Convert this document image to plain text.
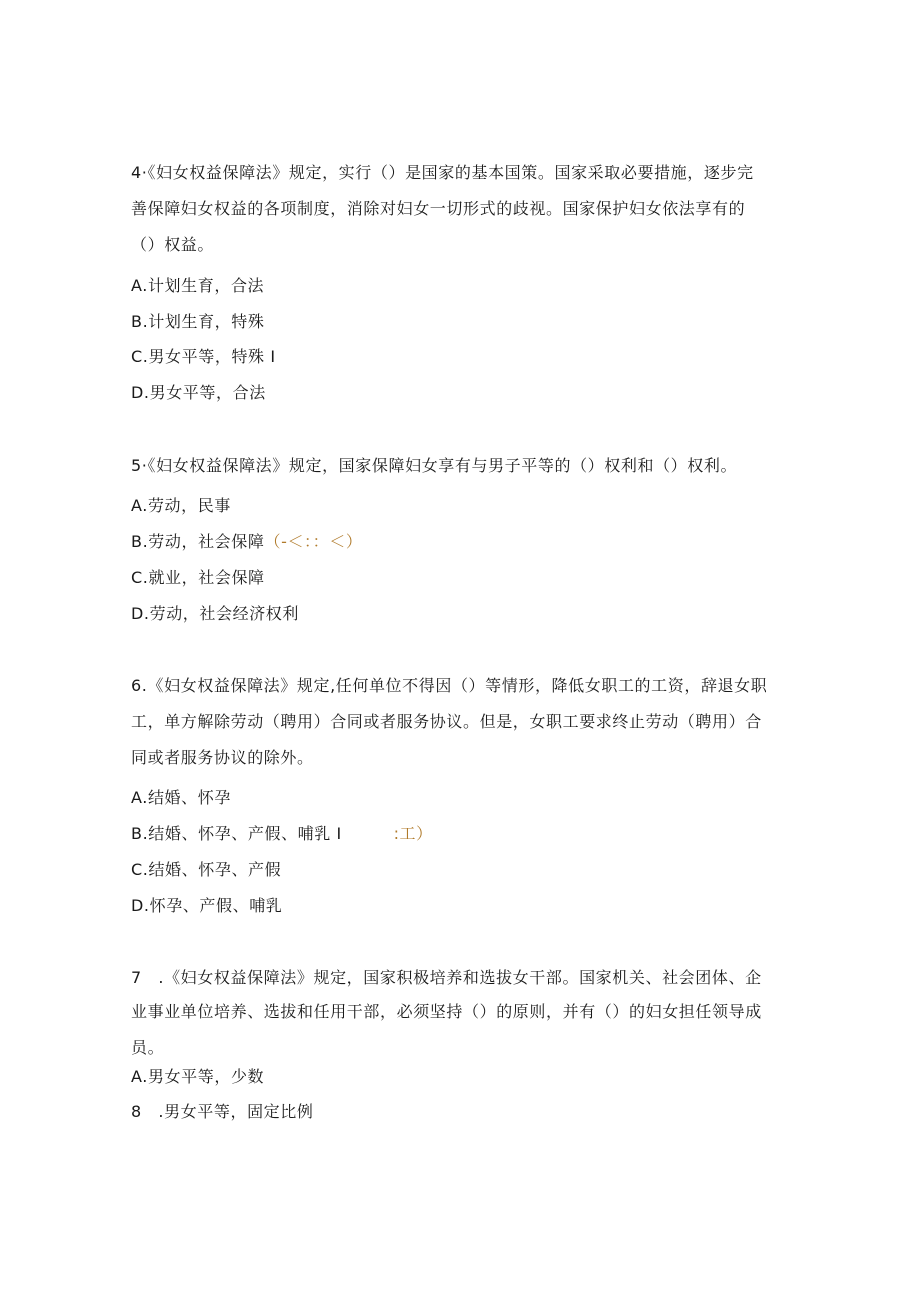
4·《妇女权益保障法》规定，实行（）是国家的基本国策。国家采取必要措施，逐步完
善保障妇女权益的各项制度，消除对妇女一切形式的歧视。国家保护妇女依法享有的
（）权益。
A.计划生育，合法
B.计划生育，特殊
C.男女平等，特殊 I
D.男女平等，合法
5·《妇女权益保障法》规定，国家保障妇女享有与男子平等的（）权利和（）权利。
A.劳动，民事
B.劳动，社会保障（-＜：：＜）
C.就业，社会保障
D.劳动，社会经济权利
6.《妇女权益保障法》规定,任何单位不得因（）等情形，降低女职工的工资，辞退女职
工，单方解除劳动（聘用）合同或者服务协议。但是，女职工要求终止劳动（聘用）合
同或者服务协议的除外。
A.结婚、怀孕
B.结婚、怀孕、产假、哺乳 I	:工）
C.结婚、怀孕、产假
D.怀孕、产假、哺乳
7　.《妇女权益保障法》规定，国家积极培养和选拔女干部。国家机关、社会团体、企
业事业单位培养、选拔和任用干部，必须坚持（）的原则，并有（）的妇女担任领导成
员。
A.男女平等，少数
8　.男女平等，固定比例
